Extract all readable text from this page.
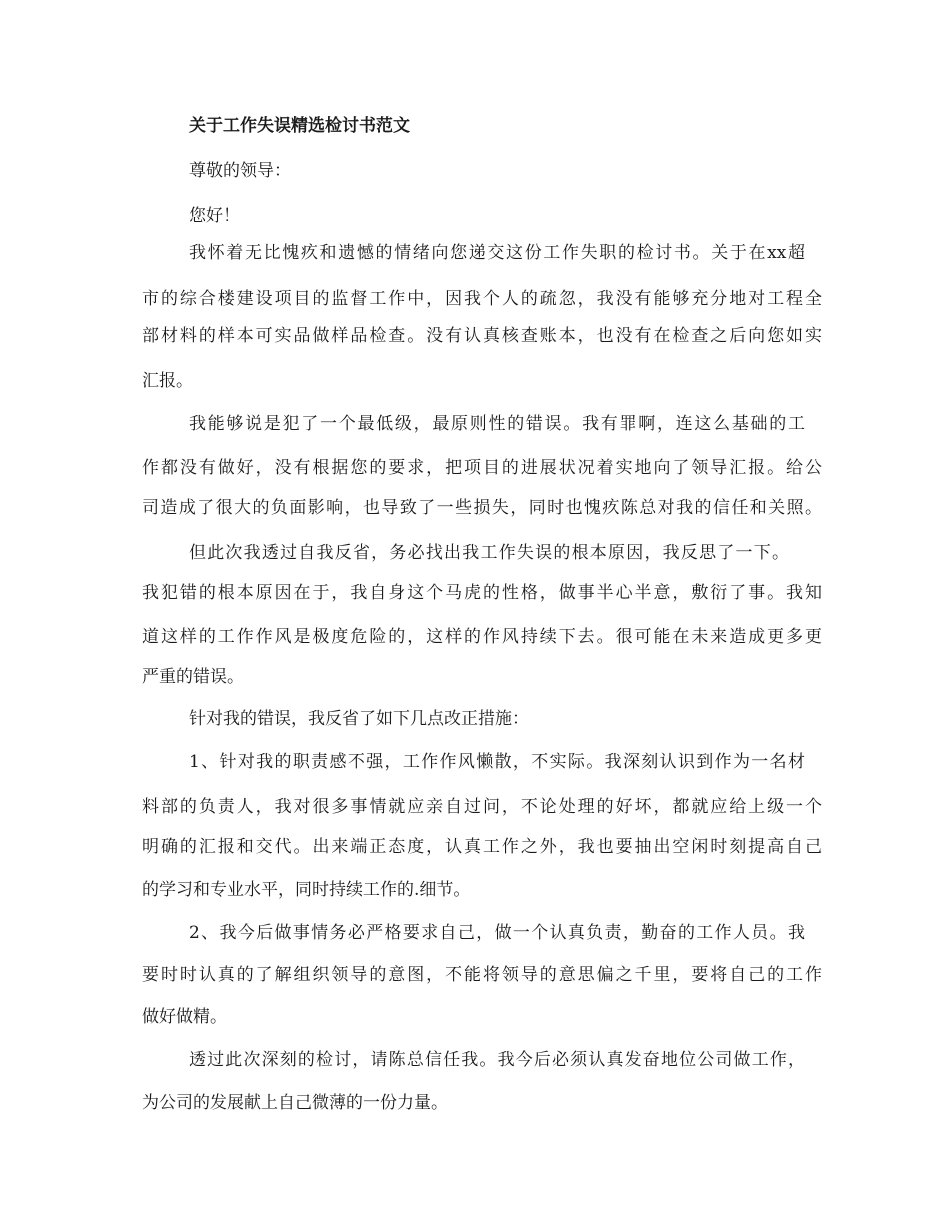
关于工作失误精选检讨书范文
尊敬的领导：
您好！
我怀着无比愧疚和遗憾的情绪向您递交这份工作失职的检讨书。关于在xx超
市的综合楼建设项目的监督工作中，因我个人的疏忽，我没有能够充分地对工程全
部材料的样本可实品做样品检查。没有认真核查账本，也没有在检查之后向您如实
汇报。
我能够说是犯了一个最低级，最原则性的错误。我有罪啊，连这么基础的工
作都没有做好，没有根据您的要求，把项目的进展状况着实地向了领导汇报。给公
司造成了很大的负面影响，也导致了一些损失，同时也愧疚陈总对我的信任和关照。
但此次我透过自我反省，务必找出我工作失误的根本原因，我反思了一下。
我犯错的根本原因在于，我自身这个马虎的性格，做事半心半意，敷衍了事。我知
道这样的工作作风是极度危险的，这样的作风持续下去。很可能在未来造成更多更
严重的错误。
针对我的错误，我反省了如下几点改正措施：
1、针对我的职责感不强，工作作风懒散，不实际。我深刻认识到作为一名材
料部的负责人，我对很多事情就应亲自过问，不论处理的好坏，都就应给上级一个
明确的汇报和交代。出来端正态度，认真工作之外，我也要抽出空闲时刻提高自己
的学习和专业水平，同时持续工作的.细节。
2、我今后做事情务必严格要求自己，做一个认真负责，勤奋的工作人员。我
要时时认真的了解组织领导的意图，不能将领导的意思偏之千里，要将自己的工作
做好做精。
透过此次深刻的检讨，请陈总信任我。我今后必须认真发奋地位公司做工作，
为公司的发展献上自己微薄的一份力量。
